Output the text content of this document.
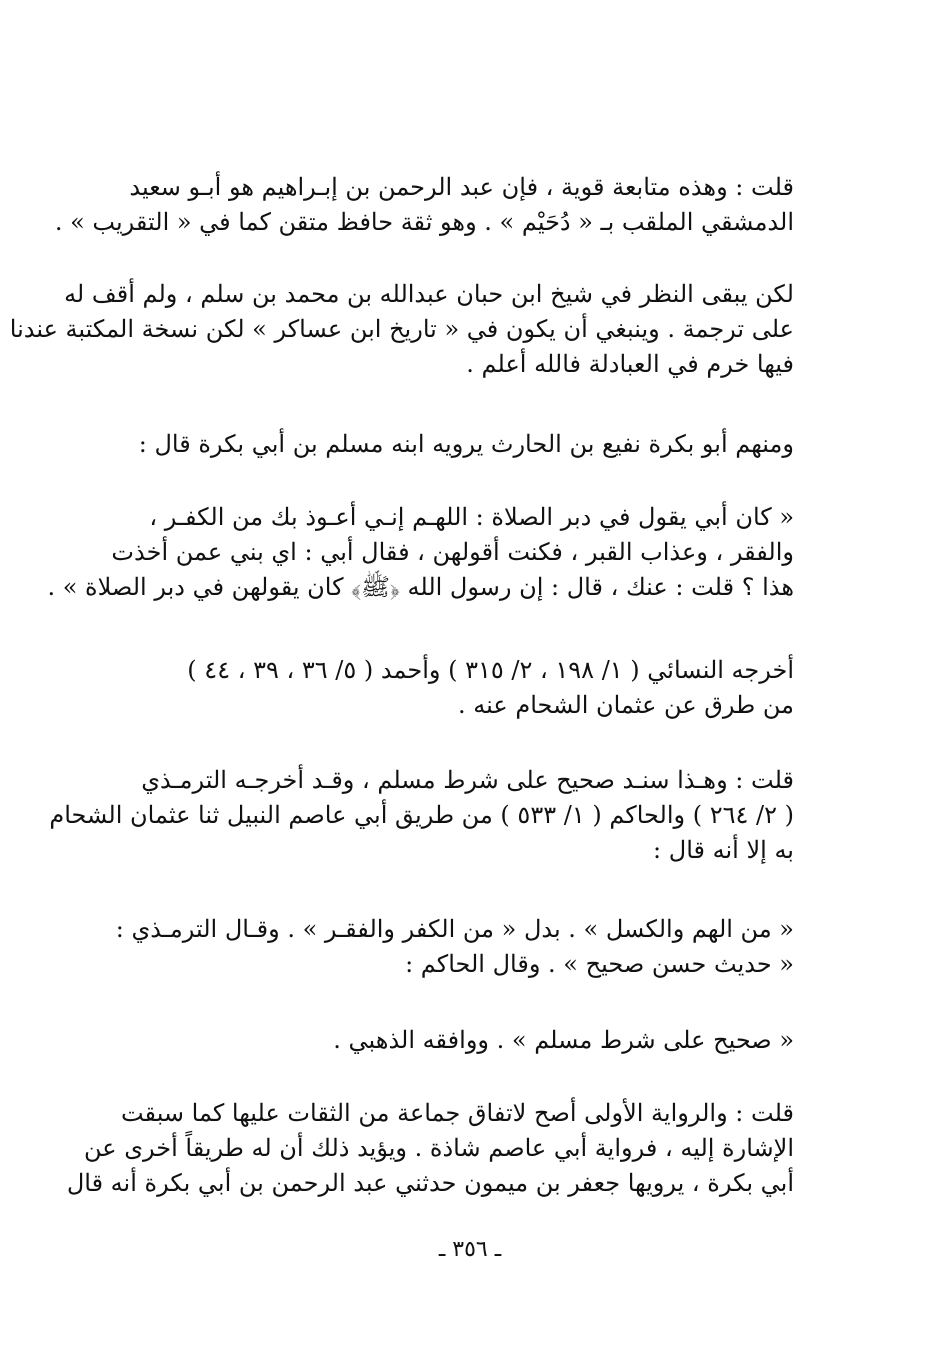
قلت : وهذه متابعة قوية ، فإن عبد الرحمن بن إبـراهيم هو أبـو سعيد
الدمشقي الملقب بـ « دُحَيْم » . وهو ثقة حافظ متقن كما في « التقريب » .
لكن يبقى النظر في شيخ ابن حبان عبدالله بن محمد بن سلم ، ولم أقف له
على ترجمة . وينبغي أن يكون في « تاريخ ابن عساكر » لكن نسخة المكتبة عندنا
فيها خرم في العبادلة فالله أعلم .
ومنهم أبو بكرة نفيع بن الحارث يرويه ابنه مسلم بن أبي بكرة قال :
« كان أبي يقول في دبر الصلاة : اللهـم إنـي أعـوذ بك من الكفـر ،
والفقر ، وعذاب القبر ، فكنت أقولهن ، فقال أبي : اي بني عمن أخذت
هذا ؟ قلت : عنك ، قال : إن رسول الله ﴿ﷺ﴾ كان يقولهن في دبر الصلاة » .
أخرجه النسائي ( ١/ ١٩٨ ، ٢/ ٣١٥ ) وأحمد ( ٥/ ٣٦ ، ٣٩ ، ٤٤ )
من طرق عن عثمان الشحام عنه .
قلت : وهـذا سنـد صحيح على شرط مسلم ، وقـد أخرجـه الترمـذي
( ٢/ ٢٦٤ ) والحاكم ( ١/ ٥٣٣ ) من طريق أبي عاصم النبيل ثنا عثمان الشحام
به إلا أنه قال :
« من الهم والكسل » . بدل « من الكفر والفقـر » . وقـال الترمـذي :
« حديث حسن صحيح » . وقال الحاكم :
« صحيح على شرط مسلم » . ووافقه الذهبي .
قلت : والرواية الأولى أصح لاتفاق جماعة من الثقات عليها كما سبقت
الإشارة إليه ، فرواية أبي عاصم شاذة . ويؤيد ذلك أن له طريقاً أخرى عن
أبي بكرة ، يرويها جعفر بن ميمون حدثني عبد الرحمن بن أبي بكرة أنه قال
ـ ٣٥٦ ـ
